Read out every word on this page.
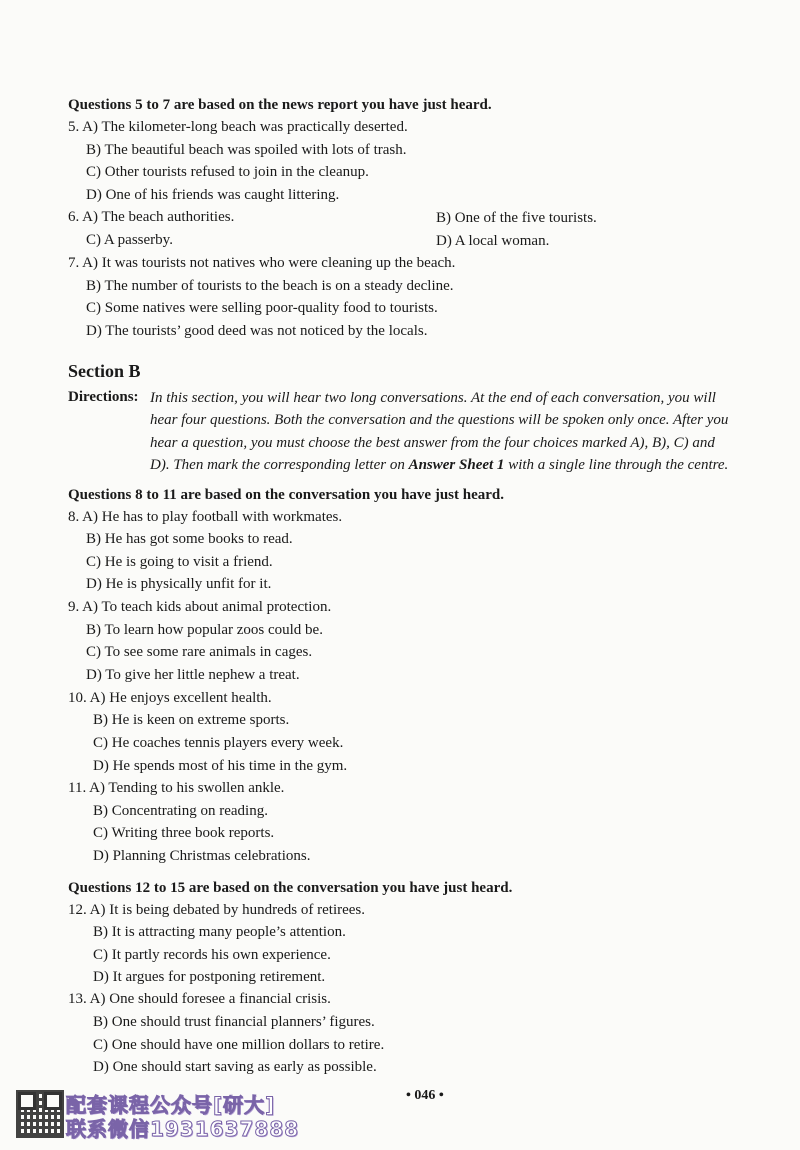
Questions 5 to 7 are based on the news report you have just heard.
5. A) The kilometer-long beach was practically deserted.
B) The beautiful beach was spoiled with lots of trash.
C) Other tourists refused to join in the cleanup.
D) One of his friends was caught littering.
6. A) The beach authorities.	B) One of the five tourists.
C) A passerby.	D) A local woman.
7. A) It was tourists not natives who were cleaning up the beach.
B) The number of tourists to the beach is on a steady decline.
C) Some natives were selling poor-quality food to tourists.
D) The tourists’ good deed was not noticed by the locals.
Section B
Directions: In this section, you will hear two long conversations. At the end of each conversation, you will
hear four questions. Both the conversation and the questions will be spoken only once. After you
hear a question, you must choose the best answer from the four choices marked A), B), C) and
D). Then mark the corresponding letter on Answer Sheet 1 with a single line through the centre.
Questions 8 to 11 are based on the conversation you have just heard.
8. A) He has to play football with workmates.
B) He has got some books to read.
C) He is going to visit a friend.
D) He is physically unfit for it.
9. A) To teach kids about animal protection.
B) To learn how popular zoos could be.
C) To see some rare animals in cages.
D) To give her little nephew a treat.
10. A) He enjoys excellent health.
B) He is keen on extreme sports.
C) He coaches tennis players every week.
D) He spends most of his time in the gym.
11. A) Tending to his swollen ankle.
B) Concentrating on reading.
C) Writing three book reports.
D) Planning Christmas celebrations.
Questions 12 to 15 are based on the conversation you have just heard.
12. A) It is being debated by hundreds of retirees.
B) It is attracting many people’s attention.
C) It partly records his own experience.
D) It argues for postponing retirement.
13. A) One should foresee a financial crisis.
B) One should trust financial planners’ figures.
C) One should have one million dollars to retire.
D) One should start saving as early as possible.
• 046 •
配套课程公众号[研大]
联系微信1931637888
